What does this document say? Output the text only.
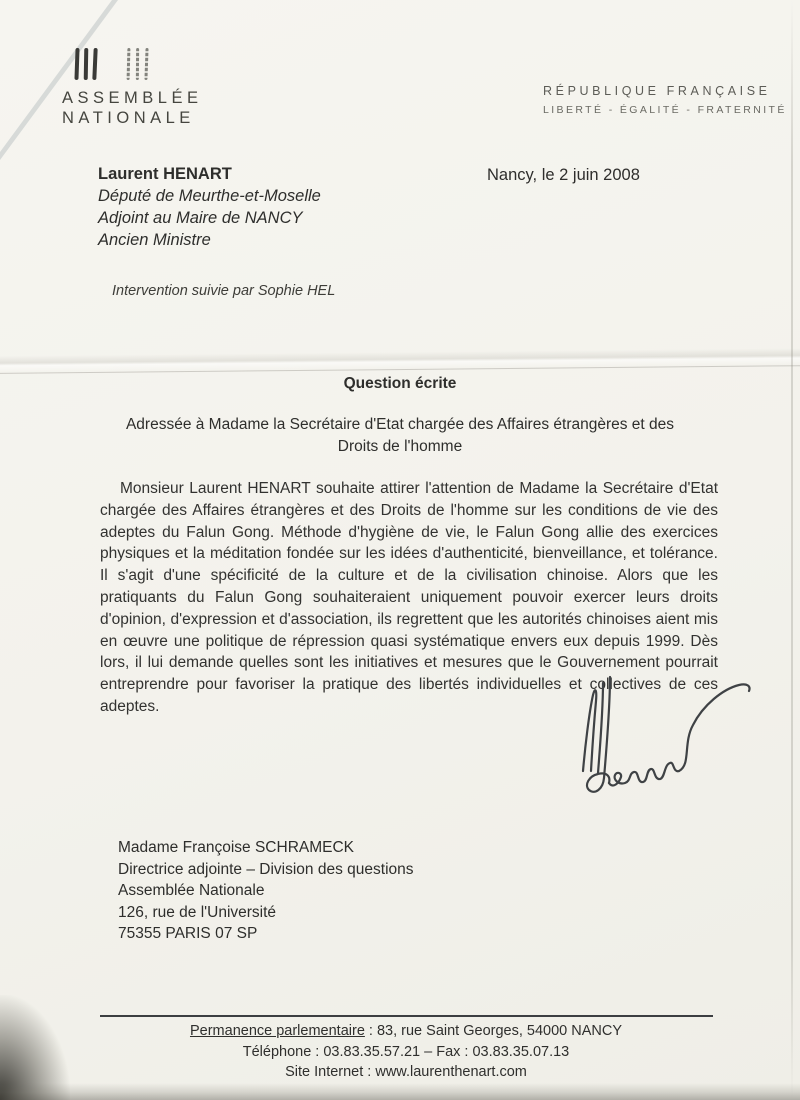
ASSEMBLÉE
NATIONALE
RÉPUBLIQUE FRANÇAISE
LIBERTÉ - ÉGALITÉ - FRATERNITÉ
Laurent HENART
Député de Meurthe-et-Moselle
Adjoint au Maire de NANCY
Ancien Ministre
Nancy, le 2 juin 2008
Intervention suivie par Sophie HEL
Question écrite
Adressée à Madame la Secrétaire d'Etat chargée des Affaires étrangères et des Droits de l'homme
Monsieur Laurent HENART souhaite attirer l'attention de Madame la Secrétaire d'Etat chargée des Affaires étrangères et des Droits de l'homme sur les conditions de vie des adeptes du Falun Gong. Méthode d'hygiène de vie, le Falun Gong allie des exercices physiques et la méditation fondée sur les idées d'authenticité, bienveillance, et tolérance. Il s'agit d'une spécificité de la culture et de la civilisation chinoise. Alors que les pratiquants du Falun Gong souhaiteraient uniquement pouvoir exercer leurs droits d'opinion, d'expression et d'association, ils regrettent que les autorités chinoises aient mis en œuvre une politique de répression quasi systématique envers eux depuis 1999. Dès lors, il lui demande quelles sont les initiatives et mesures que le Gouvernement pourrait entreprendre pour favoriser la pratique des libertés individuelles et collectives de ces adeptes.
Madame Françoise SCHRAMECK
Directrice adjointe – Division des questions
Assemblée Nationale
126, rue de l'Université
75355 PARIS 07 SP
Permanence parlementaire : 83, rue Saint Georges, 54000 NANCY
Téléphone : 03.83.35.57.21 – Fax : 03.83.35.07.13
Site Internet : www.laurenthenart.com
